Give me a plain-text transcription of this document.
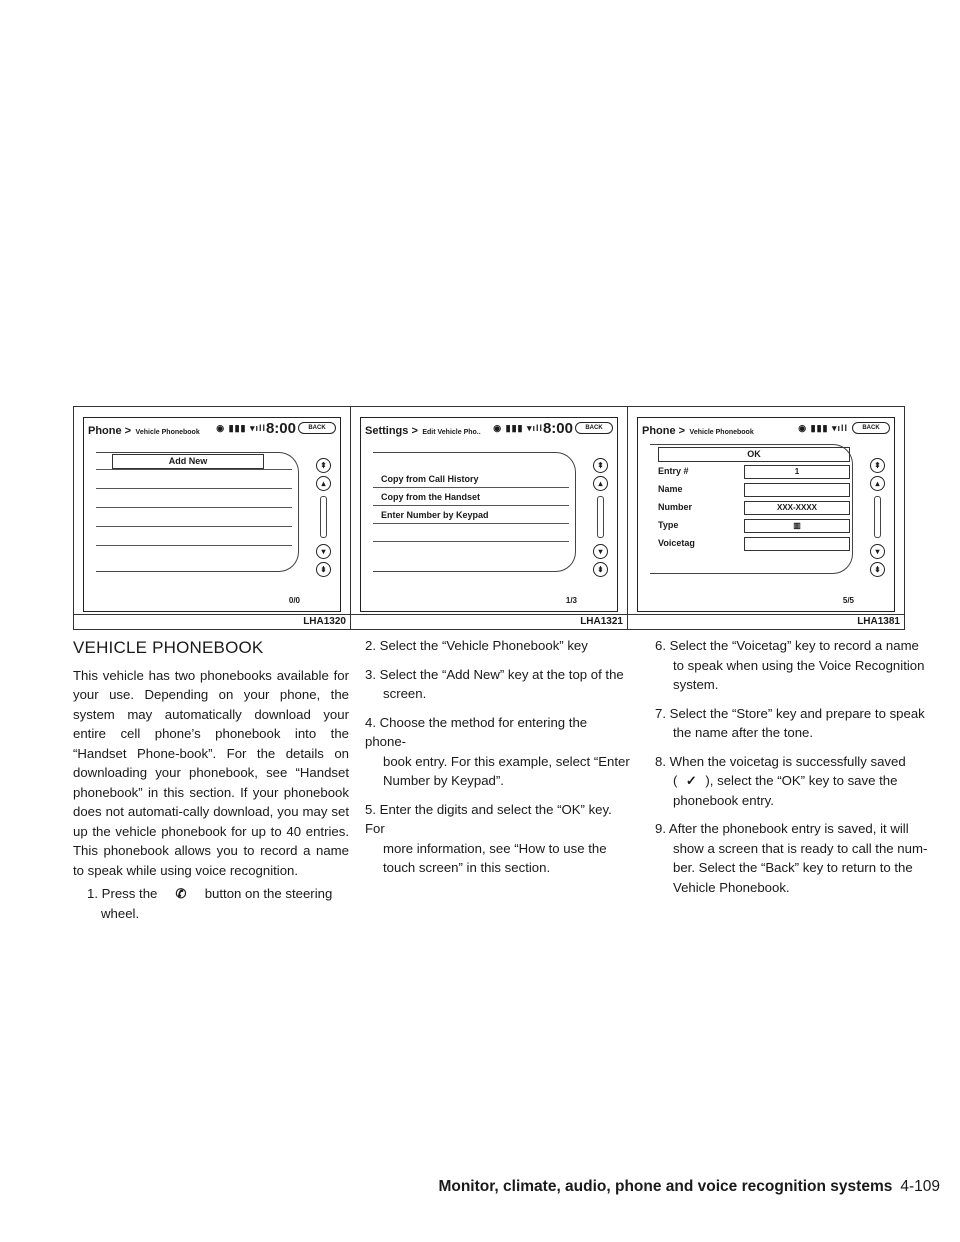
Phone > Vehicle Phonebook ◉ ▮▮▮ ▾ıll 8:00	BACK
Add New	⇞
▴
▾
⇟
0/0
LHA1320
Settings > Edit Vehicle Pho.. ◉ ▮▮▮ ▾ıll 8:00	BACK
Copy from Call History
Copy from the Handset
Enter Number by Keypad
⇞
▴
▾
⇟
1/3
LHA1321
Phone > Vehicle Phonebook	◉ ▮▮▮ ▾ıll	BACK
OK
Entry #	1
Name
Number	XXX-XXXX
Type	▥
Voicetag
⇞
▴
▾
⇟
5/5
LHA1381
VEHICLE PHONEBOOK

This vehicle has two phonebooks available for your use. Depending on your phone, the system may automatically download your entire cell phone’s phonebook into the “Handset Phone-book”. For the details on downloading your phonebook, see “Handset phonebook” in this section. If your phonebook does not automati-cally download, you may set up the vehicle phonebook for up to 40 entries. This phonebook allows you to record a name to speak while using voice recognition.

1. Press the ✆ button on the steering
wheel.
2. Select the “Vehicle Phonebook” key
3. Select the “Add New” key at the top of the
screen.
4. Choose the method for entering the phone-
book entry. For this example, select “Enter Number by Keypad”.
5. Enter the digits and select the “OK” key. For
more information, see “How to use the touch screen” in this section.
6. Select the “Voicetag” key to record a name
to speak when using the Voice Recognition system.
7. Select the “Store” key and prepare to speak
the name after the tone.
8. When the voicetag is successfully saved
( ✓ ), select the “OK” key to save the phonebook entry.
9. After the phonebook entry is saved, it will
show a screen that is ready to call the num-ber. Select the “Back” key to return to the Vehicle Phonebook.
Monitor, climate, audio, phone and voice recognition systems 4-109
